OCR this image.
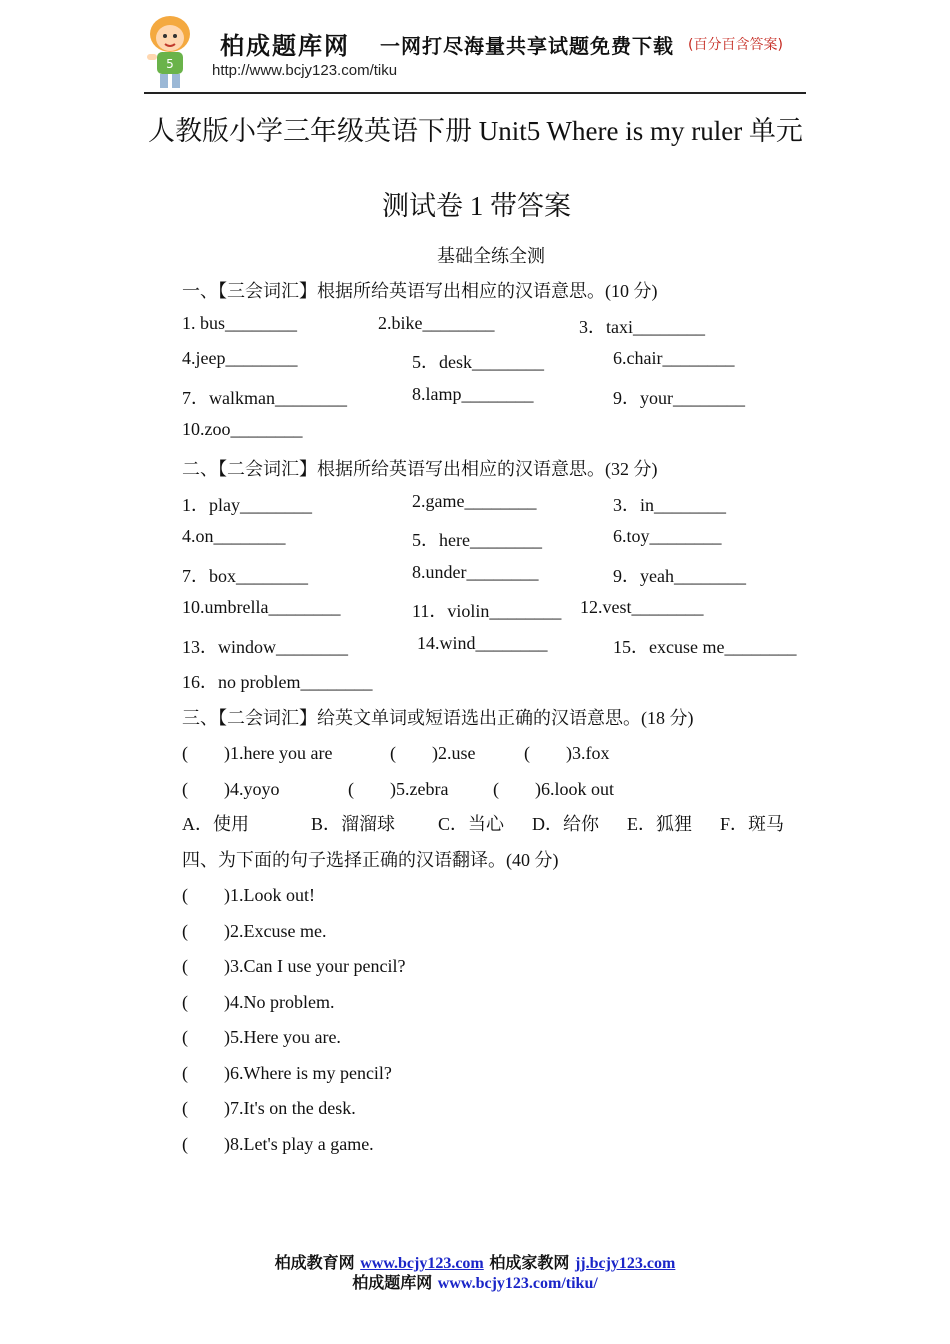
5
柏成题库网 一网打尽海量共享试题免费下载 (百分百含答案)
http://www.bcjy123.com/tiku
人教版小学三年级英语下册 Unit5 Where is my ruler 单元
测试卷 1 带答案
基础全练全测
一、【三会词汇】根据所给英语写出相应的汉语意思。(10 分)
1. bus________	2.bike________	3．taxi________
4.jeep________	5．desk________	6.chair________
7．walkman________	8.lamp________	9．your________
10.zoo________
二、【二会词汇】根据所给英语写出相应的汉语意思。(32 分)
1．play________	2.game________	3．in________
4.on________	5．here________	6.toy________
7．box________	8.under________	9．yeah________
10.umbrella________	11．violin________ 12.vest________
13．window________	14.wind________	15．excuse me________
16．no problem________
三、【二会词汇】给英文单词或短语选出正确的汉语意思。(18 分)
(　　)1.here you are	(　　)2.use	(　　)3.fox
(　　)4.yoyo	(　　)5.zebra (　　)6.look out
A．使用	B．溜溜球 C．当心 D．给你 E．狐狸 F．斑马
四、为下面的句子选择正确的汉语翻译。(40 分)
(　　)1.Look out!
(　　)2.Excuse me.
(　　)3.Can I use your pencil?
(　　)4.No problem.
(　　)5.Here you are.
(　　)6.Where is my pencil?
(　　)7.It's on the desk.
(　　)8.Let's play a game.
柏成教育网 www.bcjy123.com 柏成家教网 jj.bcjy123.com
柏成题库网 www.bcjy123.com/tiku/
